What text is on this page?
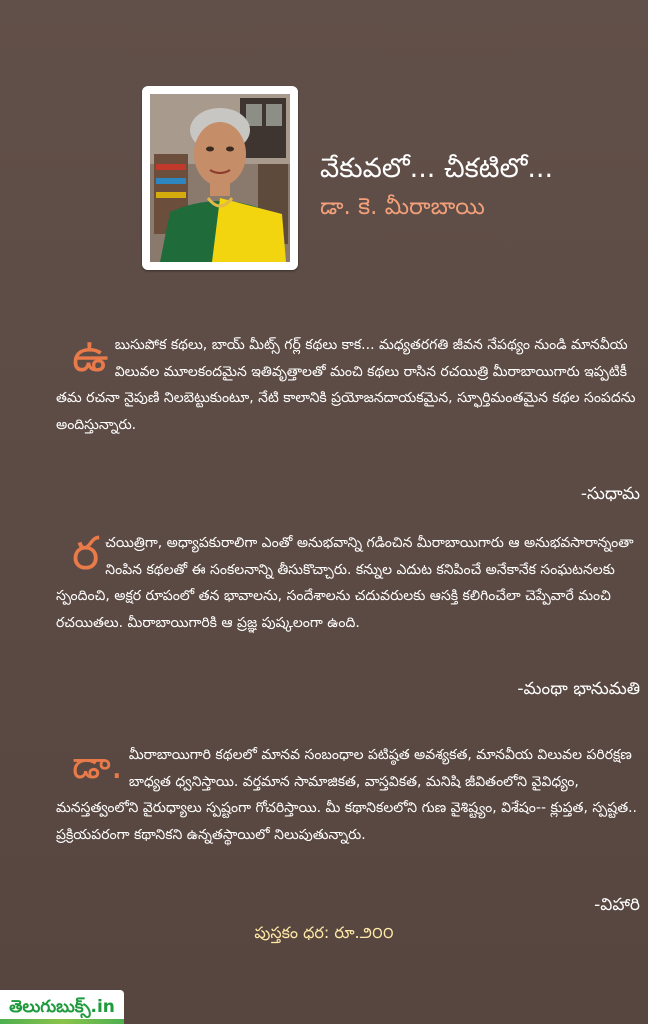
వేకువలో... చీకటిలో...
డా. కె. మీరాబాయి
ఉబుసుపోక కథలు, బాయ్ మీట్స్ గర్ల్ కథలు కాక... మధ్యతరగతి జీవన నేపథ్యం నుండి మానవీయ విలువల మూలకందమైన ఇతివృత్తాలతో మంచి కథలు రాసిన రచయిత్రి మీరాబాయిగారు ఇప్పటికీ తమ రచనా నైపుణి నిలబెట్టుకుంటూ, నేటి కాలానికి ప్రయోజనదాయకమైన, స్ఫూర్తిమంతమైన కథల సంపదను అందిస్తున్నారు.
-సుధామ
రచయిత్రిగా, అధ్యాపకురాలిగా ఎంతో అనుభవాన్ని గడించిన మీరాబాయిగారు ఆ అనుభవసారాన్నంతా నింపిన కథలతో ఈ సంకలనాన్ని తీసుకొచ్చారు. కన్నుల ఎదుట కనిపించే అనేకానేక సంఘటనలకు స్పందించి, అక్షర రూపంలో తన భావాలను, సందేశాలను చదువరులకు ఆసక్తి కలిగించేలా చెప్పేవారే మంచి రచయితలు. మీరాబాయిగారికి ఆ ప్రజ్ఞ పుష్కలంగా ఉంది.
-మంథా భానుమతి
డా. మీరాబాయిగారి కథలలో మానవ సంబంధాల పటిష్ఠత అవశ్యకత, మానవీయ విలువల పరిరక్షణ బాధ్యత ధ్వనిస్తాయి. వర్తమాన సామాజికత, వాస్తవికత, మనిషి జీవితంలోని వైవిధ్యం, మనస్తత్వంలోని వైరుధ్యాలు స్పష్టంగా గోచరిస్తాయి. మీ కథానికలలోని గుణ వైశిష్ట్యం, విశేషం-- క్లుప్తత, స్పష్టత.. ప్రక్రియపరంగా కథానికని ఉన్నతస్థాయిలో నిలుపుతున్నారు.
-విహారి
పుస్తకం ధర: రూ.౨౦౦
తెలుగుబుక్స్.in
